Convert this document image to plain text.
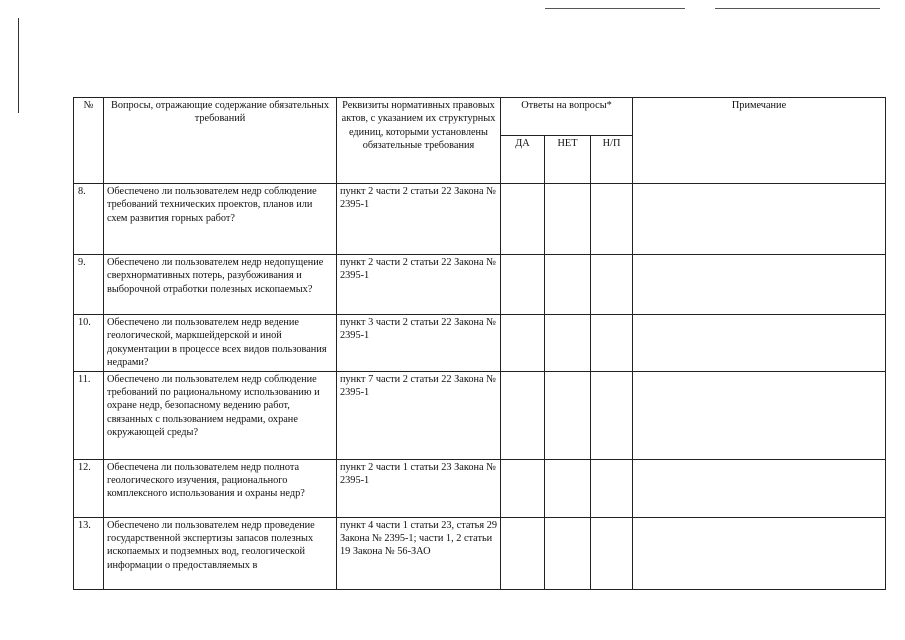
№	Вопросы, отражающие содержание обязательных требований	Реквизиты нормативных правовых актов, с указанием их структурных единиц, которыми установлены обязательные требования	Ответы на вопросы*			Примечание
			ДА	НЕТ	Н/П	
8.	Обеспечено ли пользователем недр соблюдение требований технических проектов, планов или схем развития горных работ?	пункт 2 части 2 статьи 22 Закона № 2395-1				
9.	Обеспечено ли пользователем недр недопущение сверхнормативных потерь, разубоживания и выборочной отработки полезных ископаемых?	пункт 2 части 2 статьи 22 Закона № 2395-1				
10.	Обеспечено ли пользователем недр ведение геологической, маркшейдерской и иной документации в процессе всех видов пользования недрами?	пункт 3 части 2 статьи 22 Закона № 2395-1				
11.	Обеспечено ли пользователем недр соблюдение требований по рациональному использованию и охране недр, безопасному ведению работ, связанных с пользованием недрами, охране окружающей среды?	пункт 7 части 2 статьи 22 Закона № 2395-1				
12.	Обеспечена ли пользователем недр полнота геологического изучения, рационального комплексного использования и охраны недр?	пункт 2 части 1 статьи 23 Закона № 2395-1				
13.	Обеспечено ли пользователем недр проведение государственной экспертизы запасов полезных ископаемых и подземных вод, геологической информации о предоставляемых в	пункт 4 части 1 статьи 23, статья 29 Закона № 2395-1; части 1, 2 статьи 19 Закона № 56-ЗАО				
